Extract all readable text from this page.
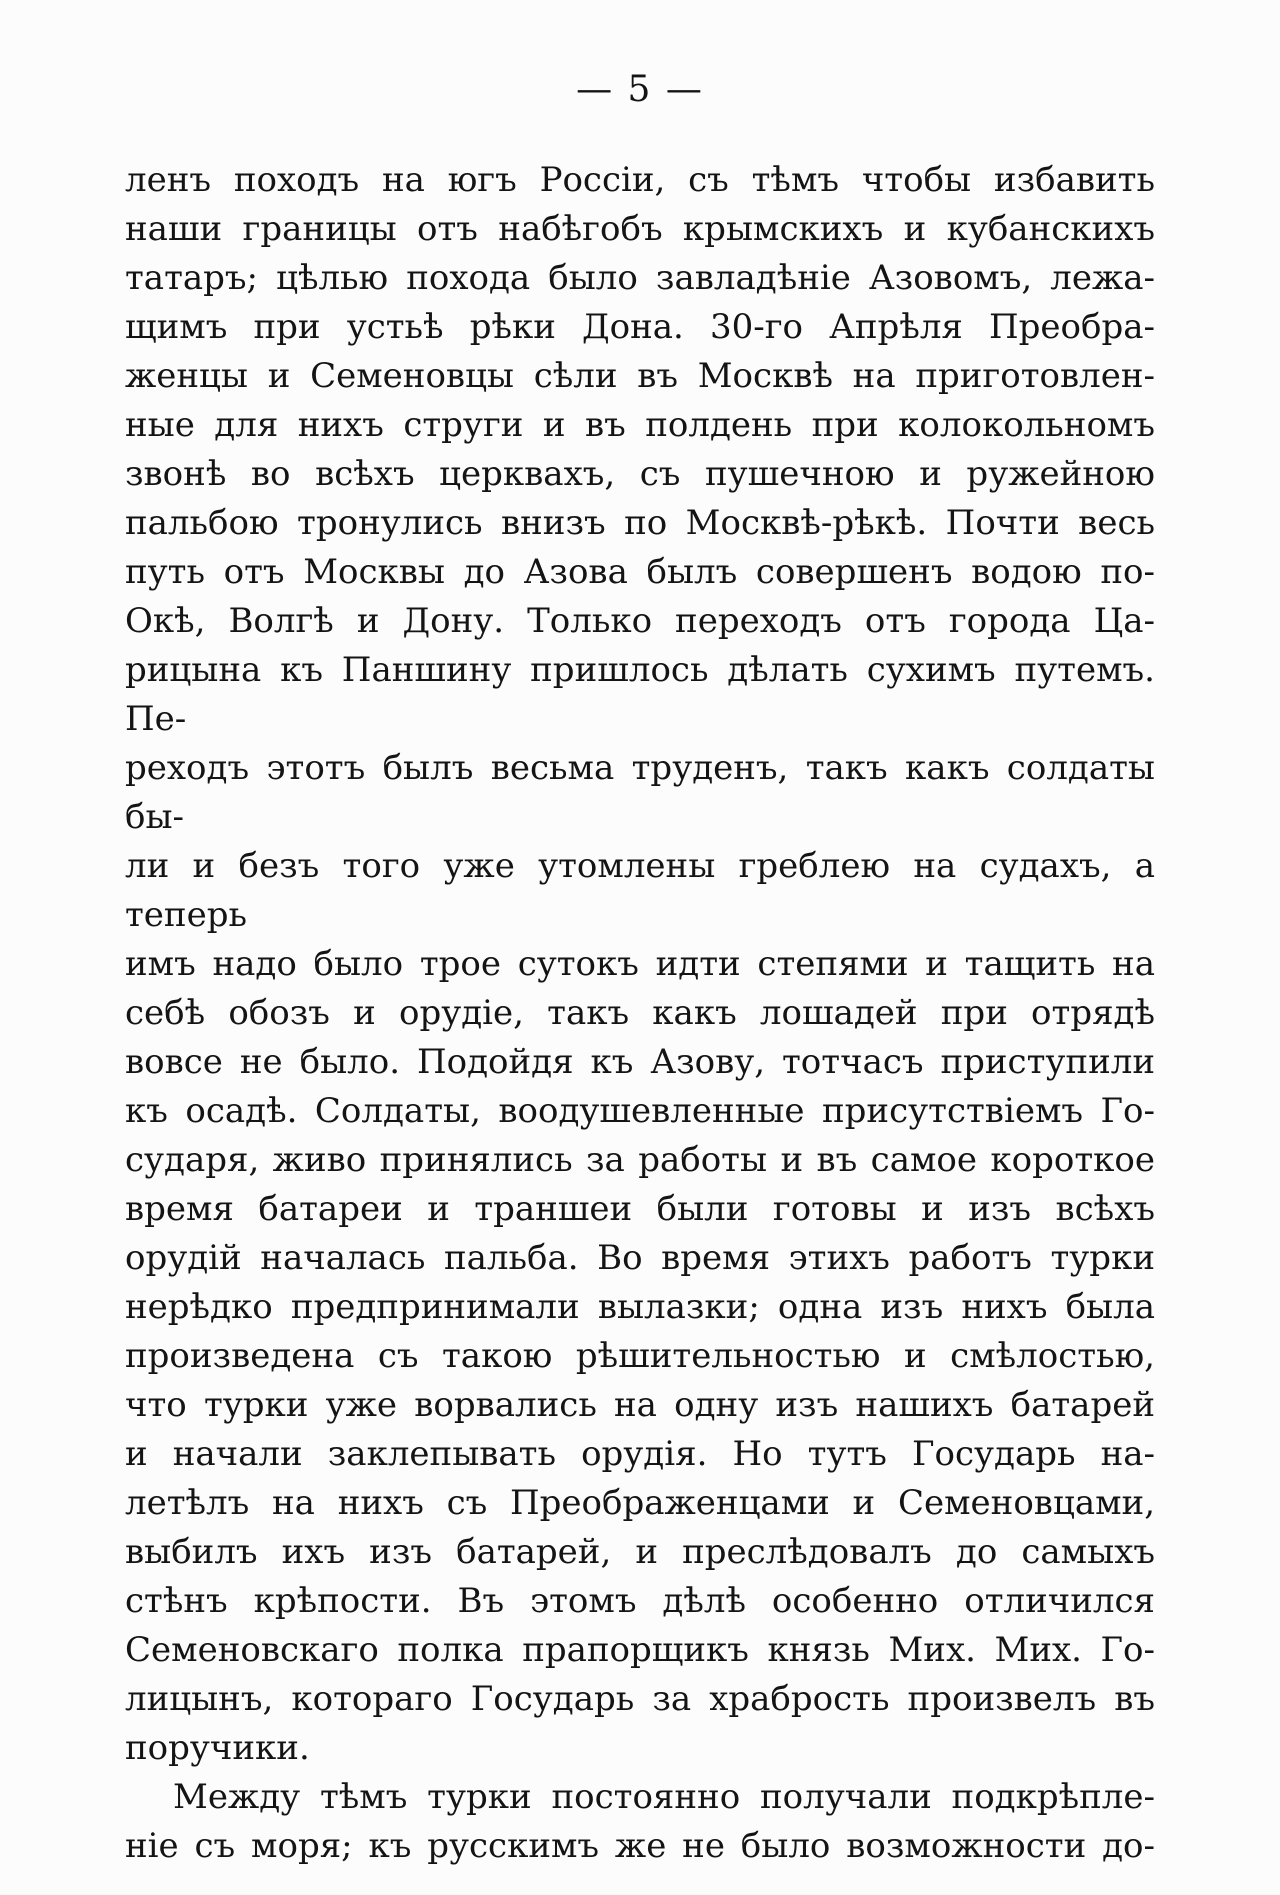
— 5 —
ленъ походъ на югъ Россіи, съ тѣмъ чтобы избавить
наши границы отъ набѣгобъ крымскихъ и кубанскихъ
татаръ; цѣлью похода было завладѣніе Азовомъ, лежа-
щимъ при устьѣ рѣки Дона. 30-го Апрѣля Преобра-
женцы и Семеновцы сѣли въ Москвѣ на приготовлен-
ные для нихъ струги и въ полдень при колокольномъ
звонѣ во всѣхъ церквахъ, съ пушечною и ружейною
пальбою тронулись внизъ по Москвѣ-рѣкѣ. Почти весь
путь отъ Москвы до Азова былъ совершенъ водою по-
Окѣ, Волгѣ и Дону. Только переходъ отъ города Ца-
рицына къ Паншину пришлось дѣлать сухимъ путемъ. Пе-
реходъ этотъ былъ весьма труденъ, такъ какъ солдаты бы-
ли и безъ того уже утомлены греблею на судахъ, а теперь
имъ надо было трое сутокъ идти степями и тащить на
себѣ обозъ и орудіе, такъ какъ лошадей при отрядѣ
вовсе не было. Подойдя къ Азову, тотчасъ приступили
къ осадѣ. Солдаты, воодушевленные присутствіемъ Го-
сударя, живо принялись за работы и въ самое короткое
время батареи и траншеи были готовы и изъ всѣхъ
орудій началась пальба. Во время этихъ работъ турки
нерѣдко предпринимали вылазки; одна изъ нихъ была
произведена съ такою рѣшительностью и смѣлостью,
что турки уже ворвались на одну изъ нашихъ батарей
и начали заклепывать орудія. Но тутъ Государь на-
летѣлъ на нихъ съ Преображенцами и Семеновцами,
выбилъ ихъ изъ батарей, и преслѣдовалъ до самыхъ
стѣнъ крѣпости. Въ этомъ дѣлѣ особенно отличился
Семеновскаго полка прапорщикъ князь Мих. Мих. Го-
лицынъ, котораго Государь за храбрость произвелъ въ
поручики.
Между тѣмъ турки постоянно получали подкрѣпле-
ніе съ моря; къ русскимъ же не было возможности до-
